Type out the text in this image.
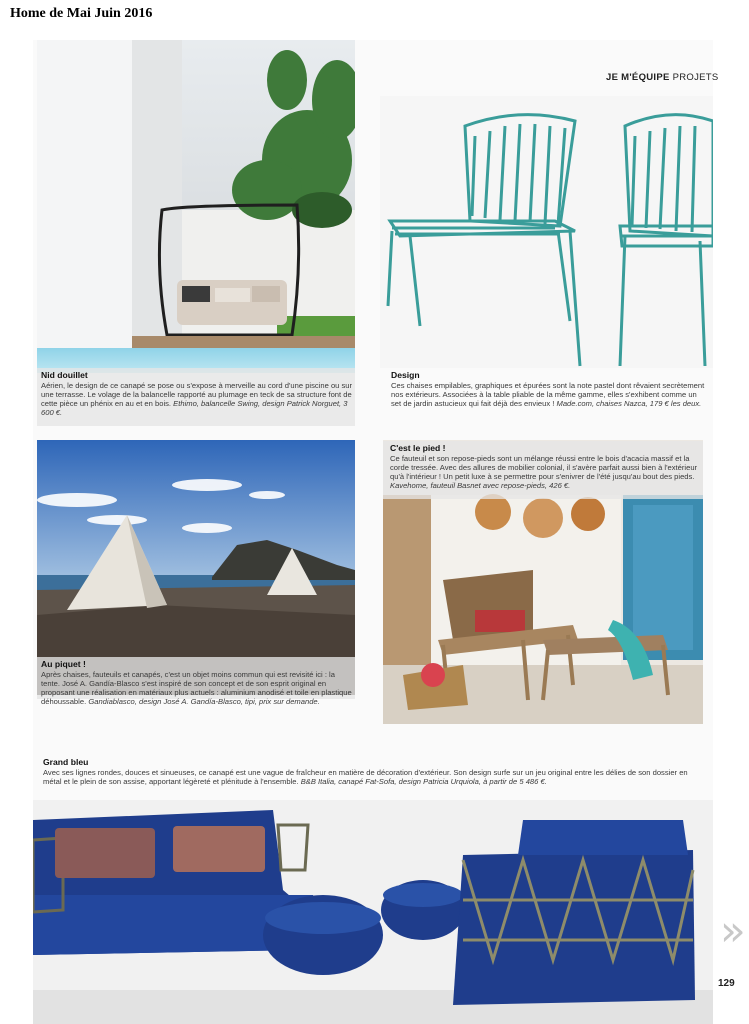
Home de Mai Juin 2016
Nid douillet
Aérien, le design de ce canapé se pose ou s'expose à merveille au cord d'une piscine ou sur une terrasse. Le volage de la balancelle rapporté au plumage en teck de sa structure font de cette pièce un phénix en au et en bois. Ethimo, balancelle Swing, design Patrick Norguet, 3 600 €.
JE M'ÉQUIPE PROJETS
Design
Ces chaises empilables, graphiques et épurées sont la note pastel dont rêvaient secrètement nos extérieurs. Associées à la table pliable de la même gamme, elles s'exhibent comme un set de jardin astucieux qui fait déjà des envieux ! Made.com, chaises Nazca, 179 € les deux.
Au piquet !
Après chaises, fauteuils et canapés, c'est un objet moins commun qui est revisité ici : la tente. José A. Gandía-Blasco s'est inspiré de son concept et de son esprit original en proposant une réalisation en matériaux plus actuels : aluminium anodisé et toile en plastique déhoussable. Gandiablasco, design José A. Gandía-Blasco, tipi, prix sur demande.
C'est le pied !
Ce fauteuil et son repose-pieds sont un mélange réussi entre le bois d'acacia massif et la corde tressée. Avec des allures de mobilier colonial, il s'avère parfait aussi bien à l'extérieur qu'à l'intérieur ! Un petit luxe à se permettre pour s'enivrer de l'été jusqu'au bout des pieds. Kavehome, fauteuil Basnet avec repose-pieds, 426 €.
Grand bleu
Avec ses lignes rondes, douces et sinueuses, ce canapé est une vague de fraîcheur en matière de décoration d'extérieur. Son design surfe sur un jeu original entre les délies de son dossier en métal et le plein de son assise, apportant légèreté et plénitude à l'ensemble. B&B Italia, canapé Fat-Sofa, design Patricia Urquiola, à partir de 5 486 €.
»
129
